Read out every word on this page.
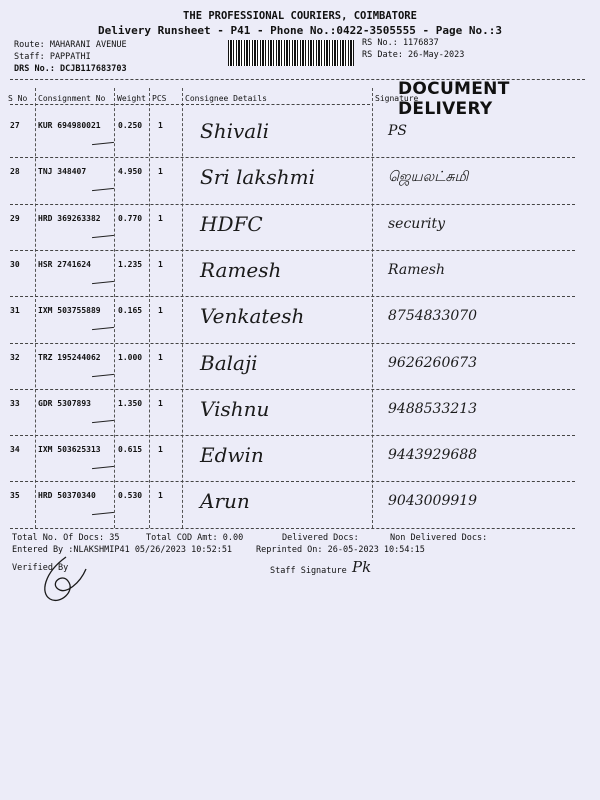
THE PROFESSIONAL COURIERS, COIMBATORE
Delivery Runsheet - P41 - Phone No.:0422-3505555 - Page No.:3
Route: MAHARANI AVENUE
Staff: PAPPATHI
DRS No.: DCJB117683703
RS No.: 1176837
RS Date: 26-May-2023
DOCUMENT DELIVERY
S No Consignment No Weight PCS Consignee Details	Signature
27 KUR 694980021 0.250 1 Shivali	PS
28 TNJ 348407	4.950 1 Sri lakshmi	ஜெயலட்சுமி
29 HRD 369263382 0.770 1 HDFC	security
30 HSR 2741624	1.235 1 Ramesh	Ramesh
31 IXM 503755889 0.165 1 Venkatesh	8754833070
32 TRZ 195244062 1.000 1 Balaji	9626260673
33 GDR 5307893	1.350 1 Vishnu	9488533213
34 IXM 503625313 0.615 1 Edwin	9443929688
35 HRD 50370340	0.530 1 Arun	9043009919
Total No. Of Docs: 35	Total COD Amt: 0.00	Delivered Docs:	Non Delivered Docs:
Entered By :NLAKSHMIP41 05/26/2023 10:52:51	Reprinted On: 26-05-2023 10:54:15
Verified By	Staff Signature Pk
